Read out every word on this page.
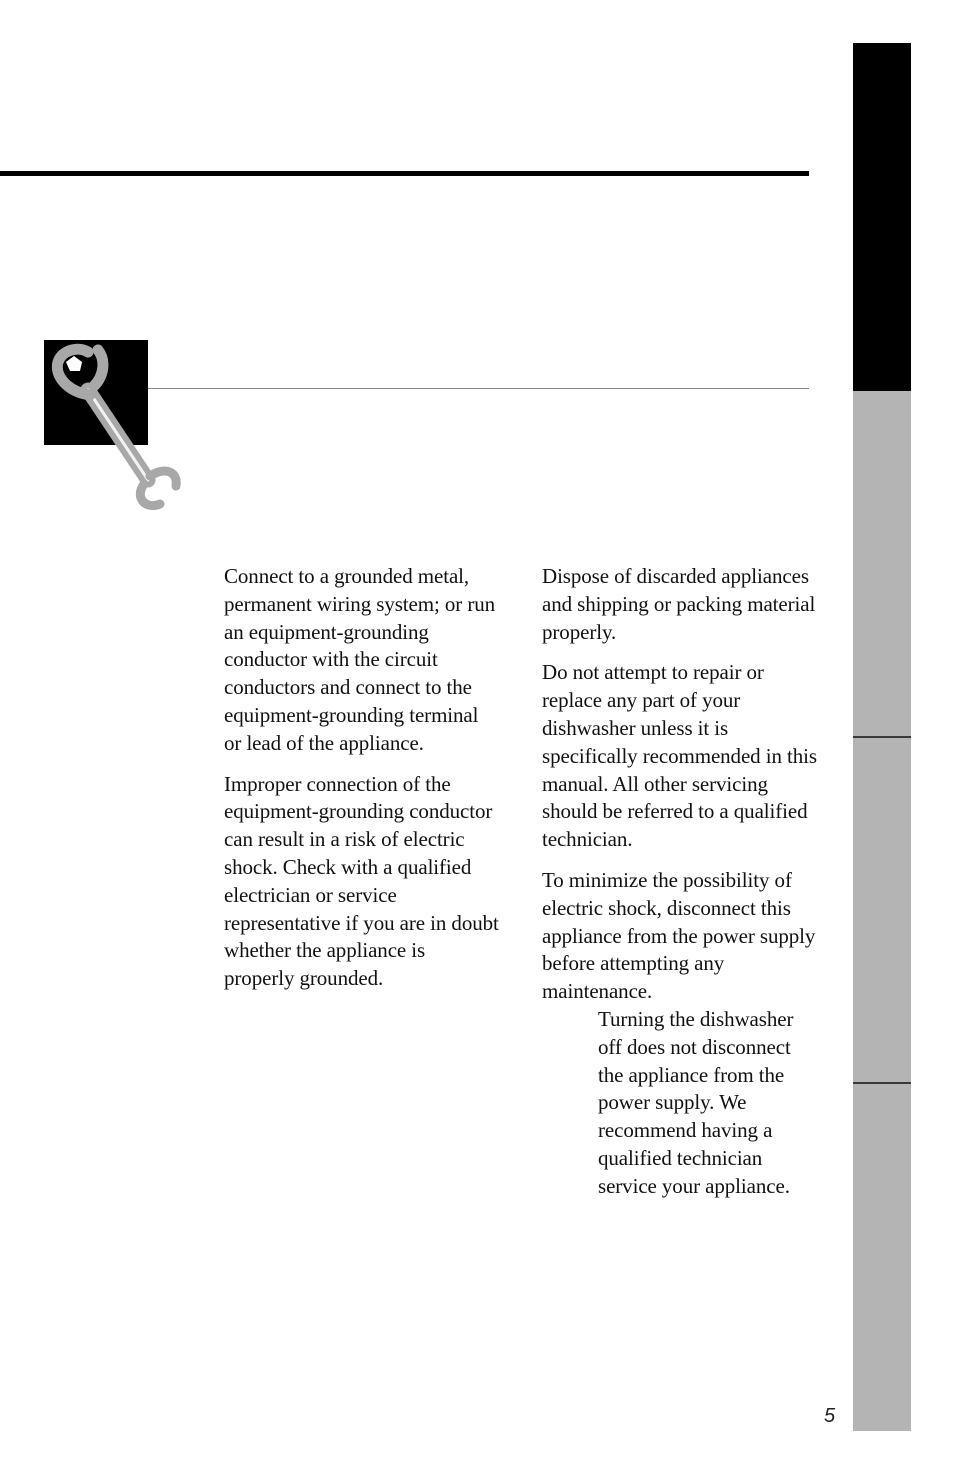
Connect to a grounded metal, permanent wiring system; or run an equipment-grounding conductor with the circuit conductors and connect to the equipment-grounding terminal or lead of the appliance.

Improper connection of the equipment-grounding conductor can result in a risk of electric shock. Check with a qualified electrician or service representative if you are in doubt whether the appliance is properly grounded.

Dispose of discarded appliances and shipping or packing material properly.

Do not attempt to repair or replace any part of your dishwasher unless it is specifically recommended in this manual. All other servicing should be referred to a qualified technician.

To minimize the possibility of electric shock, disconnect this appliance from the power supply before attempting any maintenance.
Turning the dishwasher off does not disconnect the appliance from the power supply. We recommend having a qualified technician service your appliance.

5
